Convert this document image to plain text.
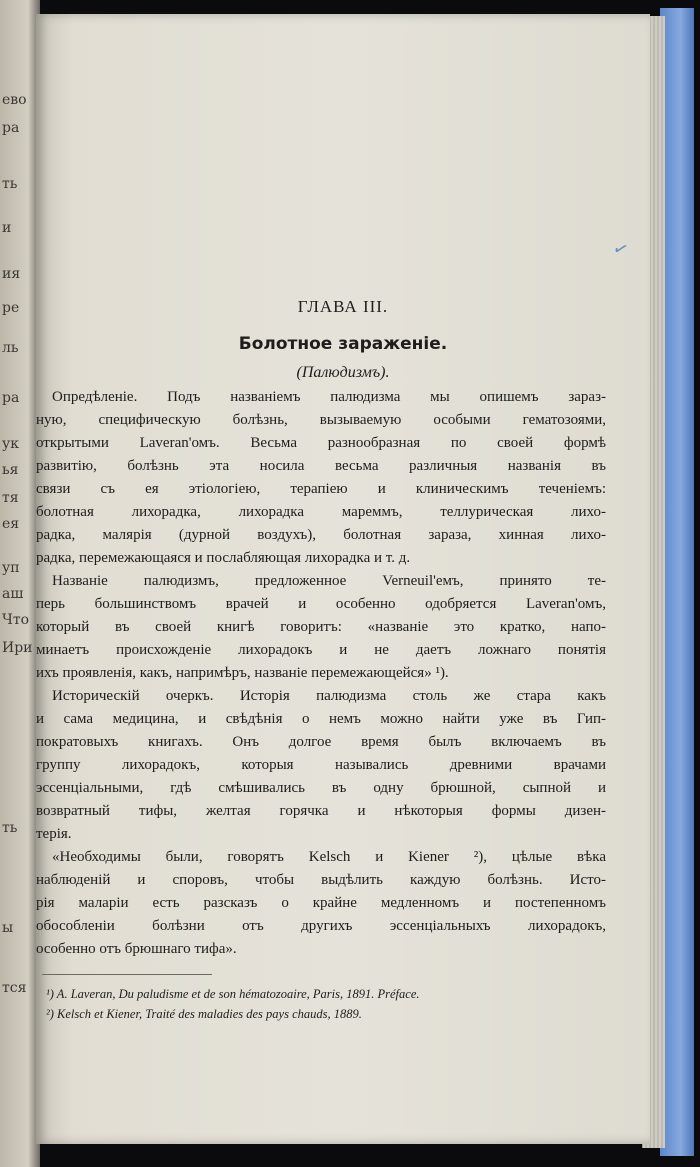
ево
ра
ть
и
ия
ре
ль
ра
ук
ья
тя
ея
уп
аш
Что
Ири
ть
ы
тся
✓
ГЛАВА III.
Болотное зараженіе.
(Палюдизмъ).
Опредѣленіе. Подъ названіемъ палюдизма мы опишемъ зараз-
ную, специфическую болѣзнь, вызываемую особыми гематозоями,
открытыми Laveran'омъ. Весьма разнообразная по своей формѣ
развитію, болѣзнь эта носила весьма различныя названія въ
связи съ ея этіологіею, терапіею и клиническимъ теченіемъ:
болотная лихорадка, лихорадка мареммъ, теллурическая лихо-
радка, малярія (дурной воздухъ), болотная зараза, хинная лихо-
радка, перемежающаяся и послабляющая лихорадка и т. д.
Названіе палюдизмъ, предложенное Verneuil'емъ, принято те-
перь большинствомъ врачей и особенно одобряется Laveran'омъ,
который въ своей книгѣ говоритъ: «названіе это кратко, напо-
минаетъ происхожденіе лихорадокъ и не даетъ ложнаго понятія
ихъ проявленія, какъ, напримѣръ, названіе перемежающейся» ¹).
Историческій очеркъ. Исторія палюдизма столь же стара какъ
и сама медицина, и свѣдѣнія о немъ можно найти уже въ Гип-
пократовыхъ книгахъ. Онъ долгое время былъ включаемъ въ
группу лихорадокъ, которыя назывались древними врачами
эссенціальными, гдѣ смѣшивались въ одну брюшной, сыпной и
возвратный тифы, желтая горячка и нѣкоторыя формы дизен-
терія.
«Необходимы были, говорятъ Kelsch и Kiener ²), цѣлые вѣка
наблюденій и споровъ, чтобы выдѣлить каждую болѣзнь. Исто-
рія маларіи есть разсказъ о крайне медленномъ и постепенномъ
обособленіи болѣзни отъ другихъ эссенціальныхъ лихорадокъ,
особенно отъ брюшнаго тифа».
¹) A. Laveran, Du paludisme et de son hématozoaire, Paris, 1891. Préface.
²) Kelsch et Kiener, Traité des maladies des pays chauds, 1889.
